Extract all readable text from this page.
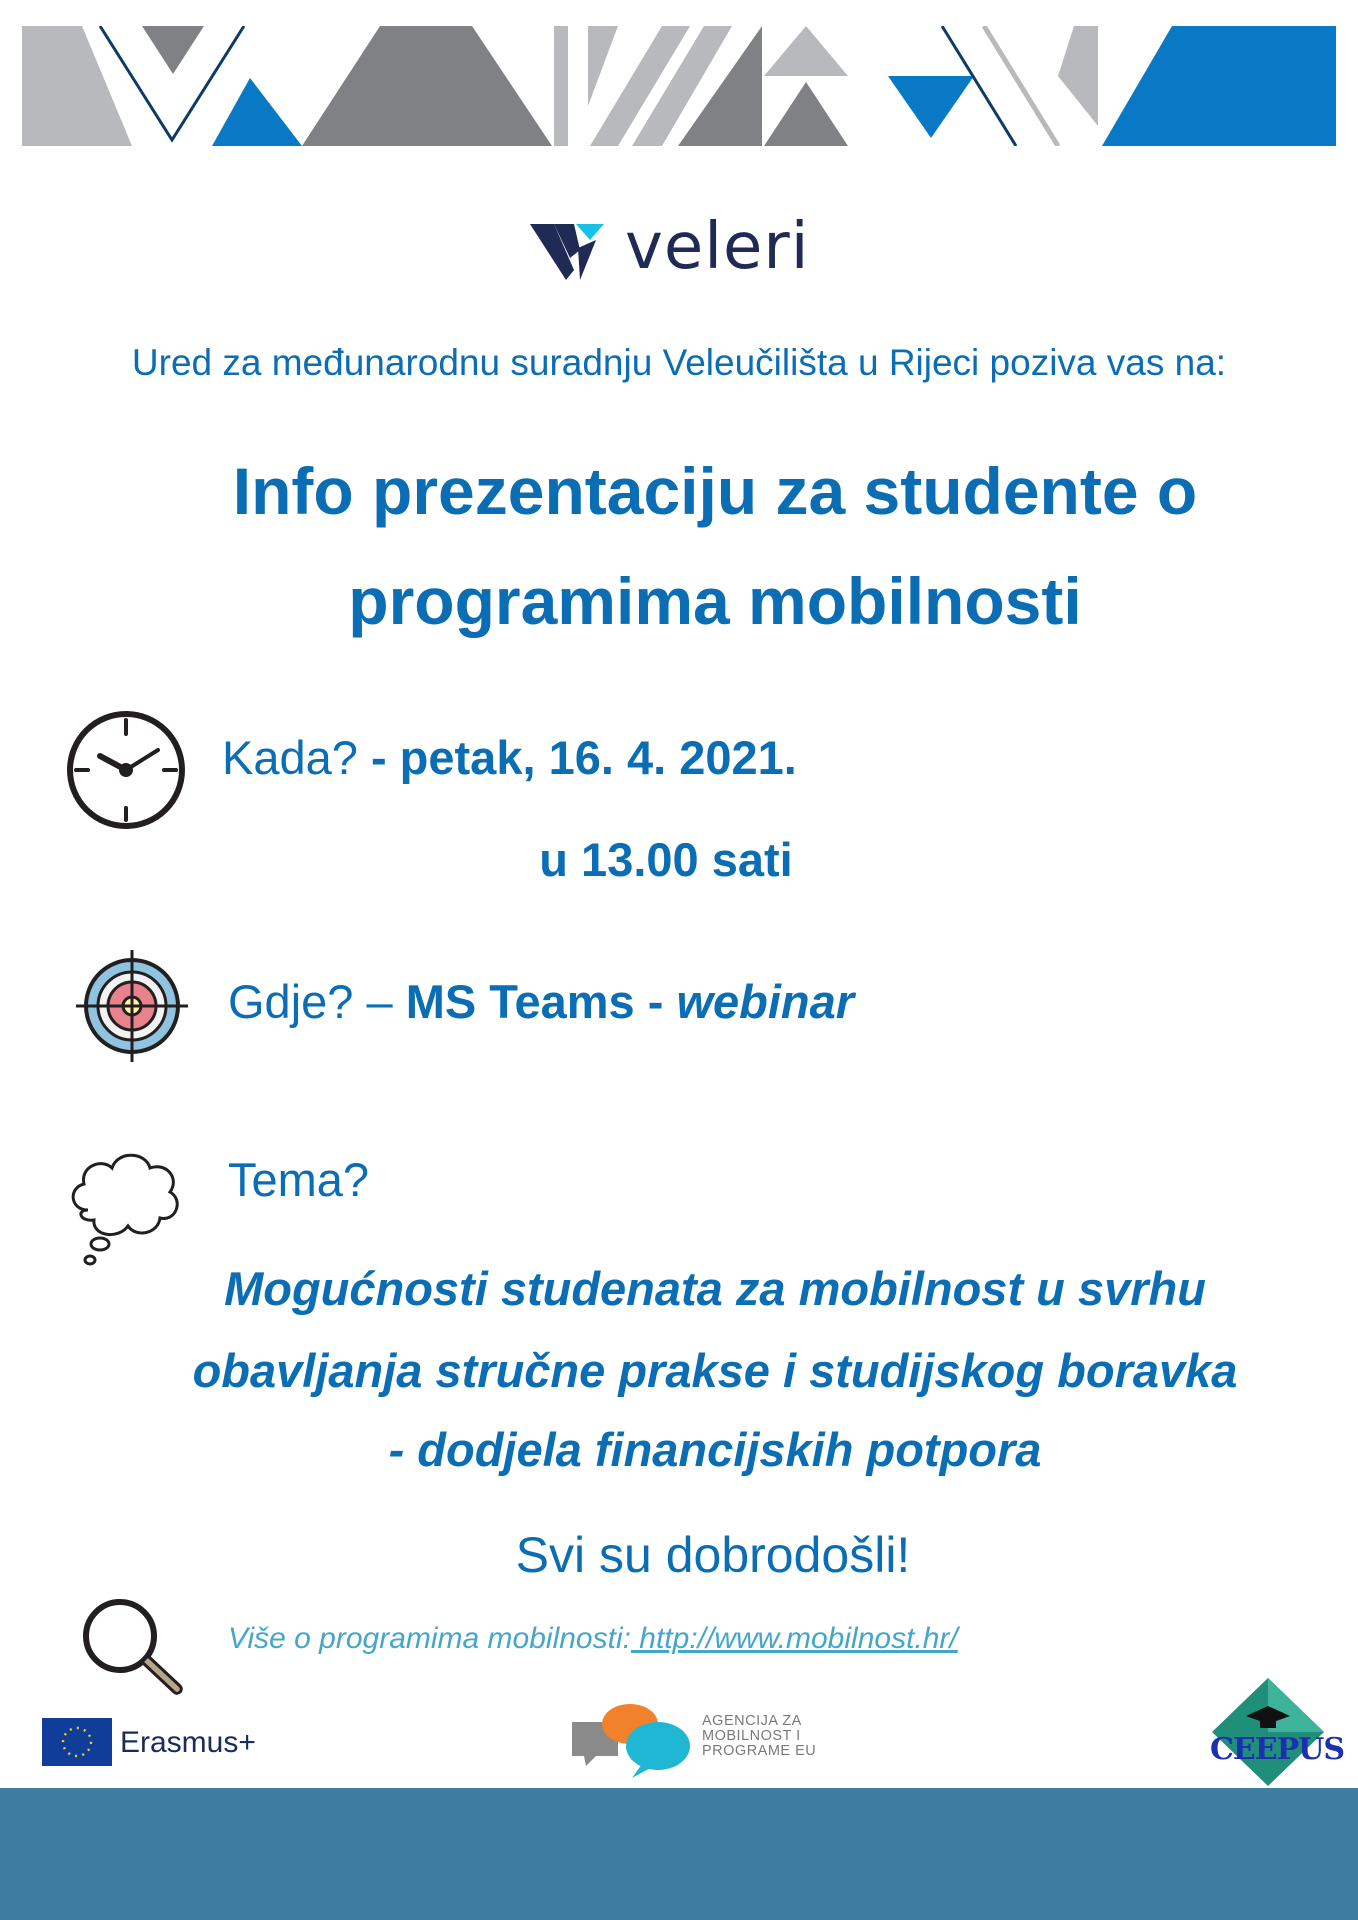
veleri
Ured za međunarodnu suradnju Veleučilišta u Rijeci poziva vas na:
Info prezentaciju za studente o
programima mobilnosti
Kada? - petak, 16. 4. 2021.
u 13.00 sati
Gdje? – MS Teams - webinar
Tema?
Mogućnosti studenata za mobilnost u svrhu
obavljanja stručne prakse i studijskog boravka
- dodjela financijskih potpora
Svi su dobrodošli!
Više o programima mobilnosti: http://www.mobilnost.hr/
Erasmus+
AGENCIJA ZA
MOBILNOST I
PROGRAME EU	CEEPUS
